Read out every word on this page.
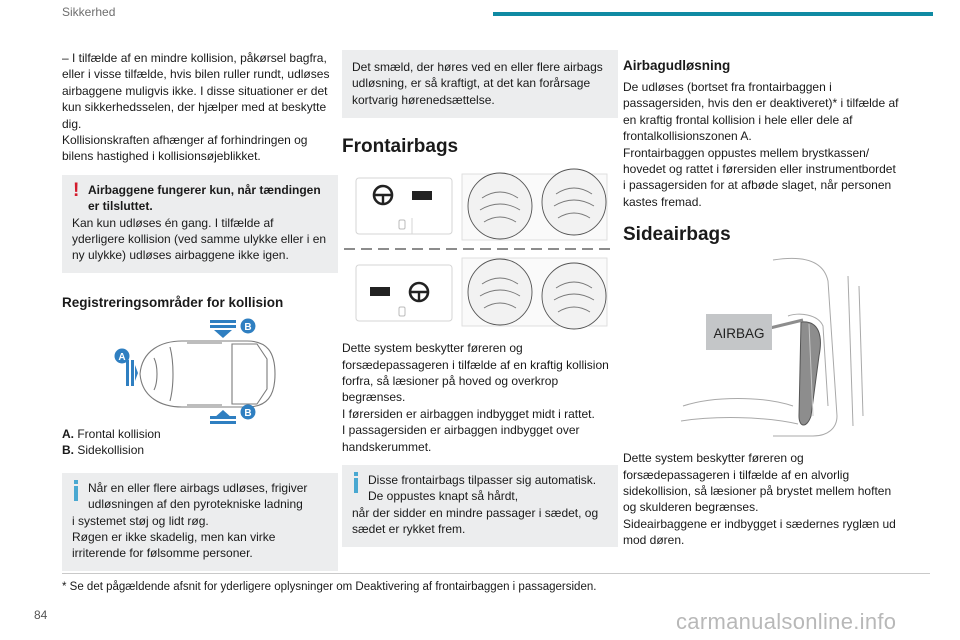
Sikkerhed

– I tilfælde af en mindre kollision, påkørsel bagfra, eller i visse tilfælde, hvis bilen ruller rundt, udløses airbaggene muligvis ikke. I disse situationer er det kun sikkerhedsselen, der hjælper med at beskytte dig.

Kollisionskraften afhænger af forhindringen og bilens hastighed i kollisionsøjeblikket.

! Airbaggene fungerer kun, når tændingen er tilsluttet.

Kan kun udløses én gang. I tilfælde af yderligere kollision (ved samme ulykke eller i en ny ulykke) udløses airbaggene ikke igen.

Registreringsområder for kollision
A
B
B

A. Frontal kollision

B. Sidekollision

Når en eller flere airbags udløses, frigiver udløsningen af den pyrotekniske ladning

i systemet støj og lidt røg.

Røgen er ikke skadelig, men kan virke irriterende for følsomme personer.

Det smæld, der høres ved en eller flere airbags udløsning, er så kraftigt, at det kan forårsage kortvarig hørenedsættelse.

Frontairbags

Dette system beskytter føreren og forsædepassageren i tilfælde af en kraftig kollision forfra, så læsioner på hoved og overkrop begrænses.

I førersiden er airbaggen indbygget midt i rattet.

I passagersiden er airbaggen indbygget over handskerummet.

Disse frontairbags tilpasser sig automatisk. De oppustes knapt så hårdt,

når der sidder en mindre passager i sædet, og sædet er rykket frem.

Airbagudløsning

De udløses (bortset fra frontairbaggen i passagersiden, hvis den er deaktiveret)* i tilfælde af en kraftig frontal kollision i hele eller dele af frontalkollisionszonen A.

Frontairbaggen oppustes mellem brystkassen/ hovedet og rattet i førersiden eller instrumentbordet i passagersiden for at afbøde slaget, når personen kastes fremad.

Sideairbags
AIRBAG

Dette system beskytter føreren og forsædepassageren i tilfælde af en alvorlig sidekollision, så læsioner på brystet mellem hoften og skulderen begrænses.

Sideairbaggene er indbygget i sædernes ryglæn ud mod døren.

* Se det pågældende afsnit for yderligere oplysninger om Deaktivering af frontairbaggen i passagersiden.
84	carmanualsonline.info
